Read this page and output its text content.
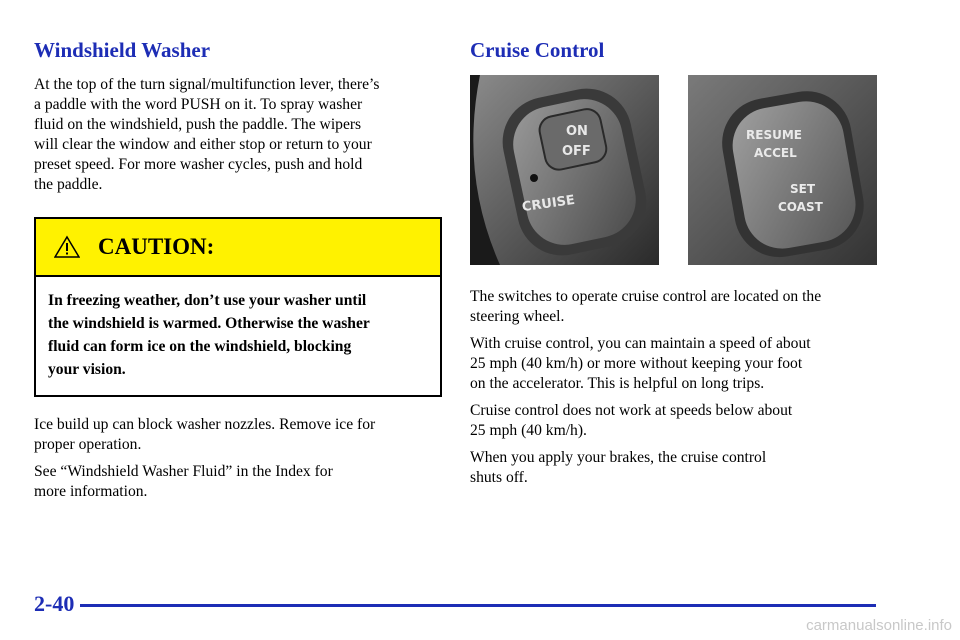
Windshield Washer

At the top of the turn signal/multifunction lever, there’s
a paddle with the word PUSH on it. To spray washer
fluid on the windshield, push the paddle. The wipers
will clear the window and either stop or return to your
preset speed. For more washer cycles, push and hold
the paddle.

CAUTION:
In freezing weather, don’t use your washer until
the windshield is warmed. Otherwise the washer
fluid can form ice on the windshield, blocking
your vision.

Ice build up can block washer nozzles. Remove ice for
proper operation.

See “Windshield Washer Fluid” in the Index for
more information.

Cruise Control
ON
OFF
CRUISE
RESUME
ACCEL
SET
COAST

The switches to operate cruise control are located on the
steering wheel.

With cruise control, you can maintain a speed of about
25 mph (40 km/h) or more without keeping your foot
on the accelerator. This is helpful on long trips.

Cruise control does not work at speeds below about
25 mph (40 km/h).

When you apply your brakes, the cruise control
shuts off.

2-40
carmanualsonline.info
